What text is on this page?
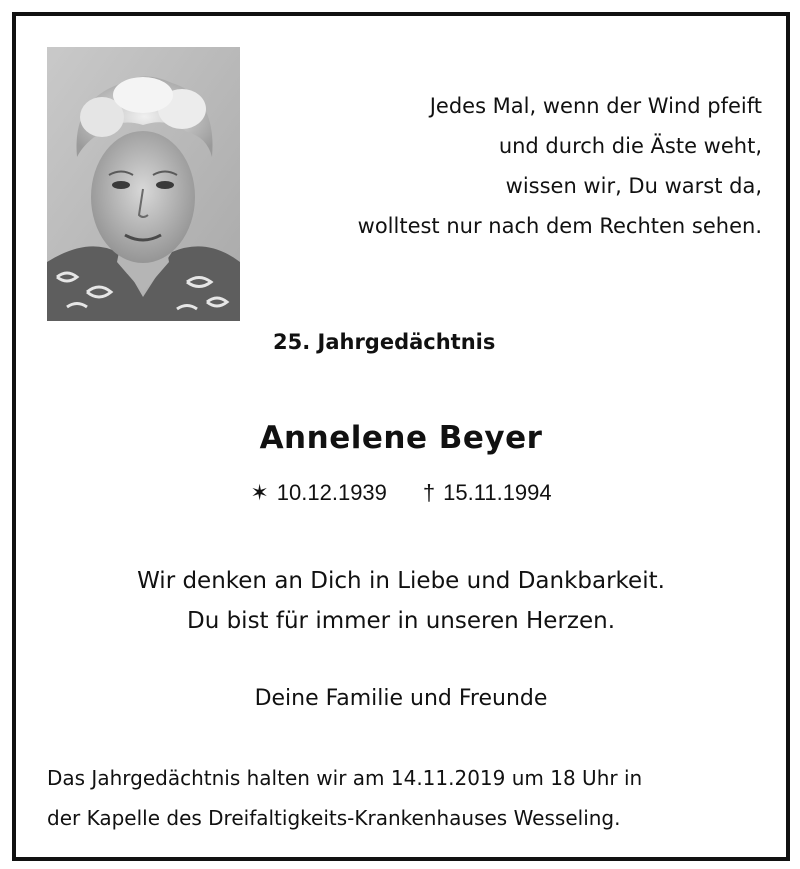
Jedes Mal, wenn der Wind pfeift
und durch die Äste weht,
wissen wir, Du warst da,
wolltest nur nach dem Rechten sehen.
25. Jahrgedächtnis
Annelene Beyer
✶ 10.12.1939 † 15.11.1994
Wir denken an Dich in Liebe und Dankbarkeit.
Du bist für immer in unseren Herzen.
Deine Familie und Freunde
Das Jahrgedächtnis halten wir am 14.11.2019 um 18 Uhr in
der Kapelle des Dreifaltigkeits-Krankenhauses Wesseling.
